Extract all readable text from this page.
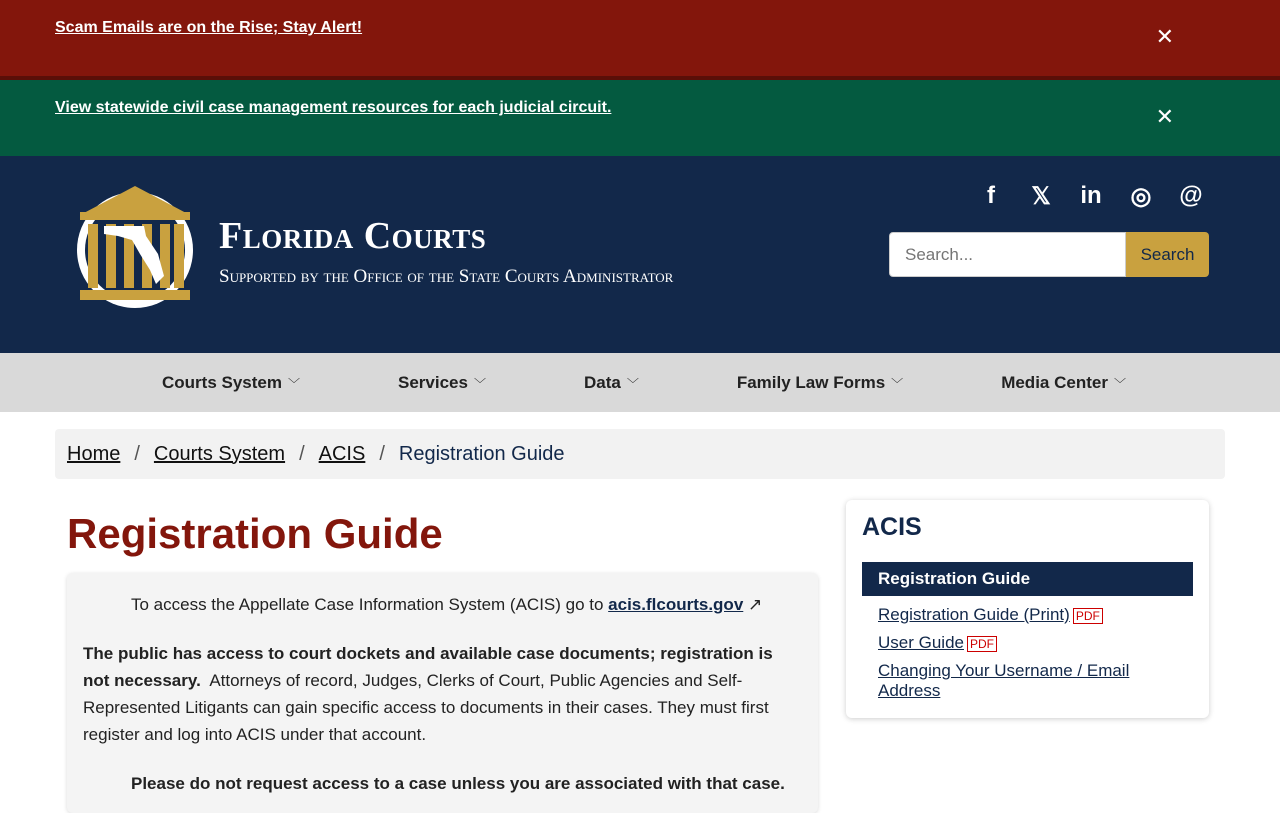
Scam Emails are on the Rise; Stay Alert!	✕
View statewide civil case management resources for each judicial circuit.	✕
Florida Courts
Supported by the Office of the State Courts Administrator
f	𝕏 in ◎ @
Search...
Search
Courts System ﹀	Services ﹀	Data ﹀	Family Law Forms ﹀	Media Center ﹀
Home / Courts System / ACIS / Registration Guide
Registration Guide

To access the Appellate Case Information System (ACIS) go to acis.flcourts.gov ↗

The public has access to court dockets and available case documents; registration is not necessary. Attorneys of record, Judges, Clerks of Court, Public Agencies and Self-Represented Litigants can gain specific access to documents in their cases. They must first register and log into ACIS under that account.

Please do not request access to a case unless you are associated with that case.

ACIS
Registration Guide
Registration Guide (Print) PDF
User Guide PDF
Changing Your Username / Email Address
